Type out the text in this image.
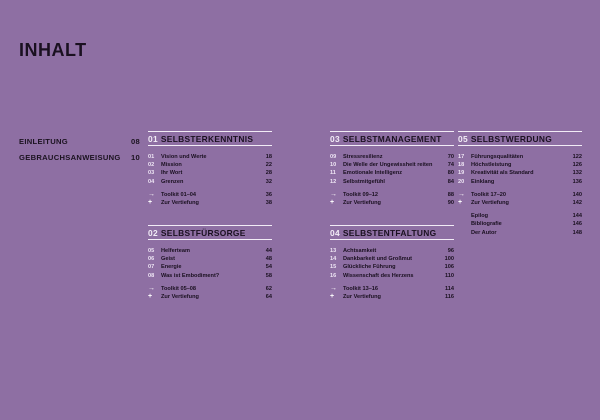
INHALT
EINLEITUNG	08
GEBRAUCHSANWEISUNG 10
01 SELBSTERKENNTNIS
01	Vision und Werte	18
02	Mission	22
03	Ihr Wort	28
04	Grenzen	32
→	Toolkit 01–04	36
+	Zur Vertiefung	38
02 SELBSTFÜRSORGE
05	Helferteam	44
06	Geist	48
07	Energie	54
08	Was ist Embodiment?	58
→	Toolkit 05–08	62
+	Zur Vertiefung	64
03 SELBSTMANAGEMENT
09	Stressresilienz	70
10	Die Welle der Ungewissheit reiten	74
11	Emotionale Intelligenz	80
12	Selbstmitgefühl	84
→	Toolkit 09–12	88
+	Zur Vertiefung	90
04 SELBSTENTFALTUNG
13	Achtsamkeit	96
14	Dankbarkeit und Großmut	100
15	Glückliche Führung	106
16	Wissenschaft des Herzens	110
→	Toolkit 13–16	114
+	Zur Vertiefung	116
05 SELBSTWERDUNG
17	Führungsqualitäten	122
18	Höchstleistung	126
19	Kreativität als Standard	132
20	Einklang	136
→	Toolkit 17–20	140
+	Zur Vertiefung	142
Epilog	144
Bibliografie	146
Der Autor	148
